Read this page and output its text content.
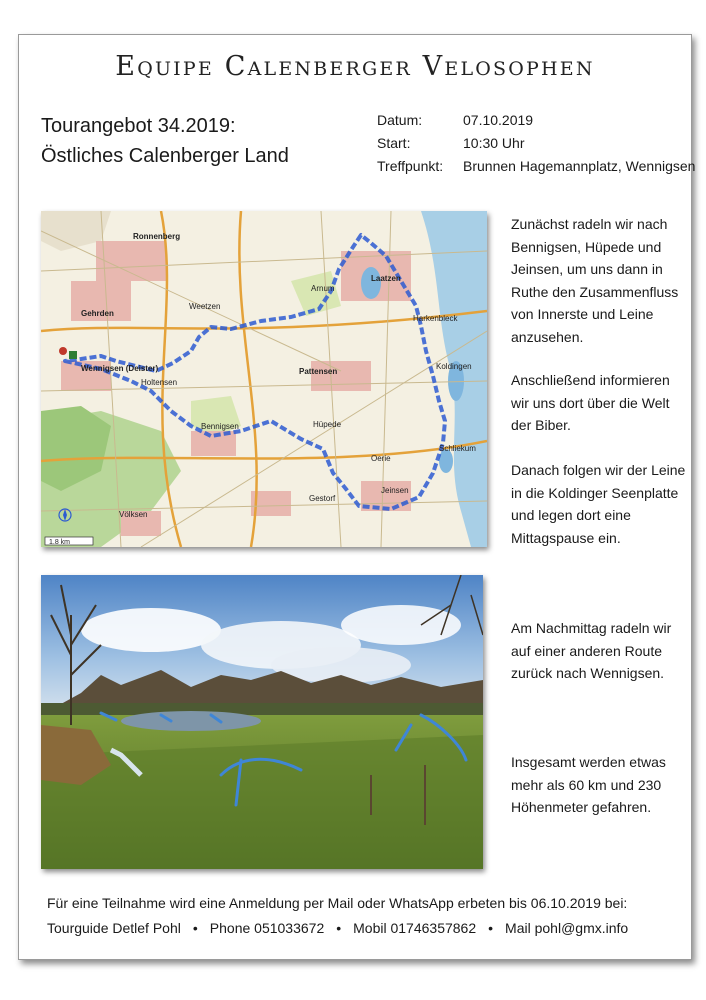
Equipe Calenberger Velosophen
Tourangebot 34.2019:
Östliches Calenberger Land
Datum:	07.10.2019
Start:	10:30 Uhr
Treffpunkt: Brunnen Hagemannplatz, Wennigsen
Ronnenberg
Gehrden
Laatzen
Pattensen
Wennigsen (Deister)
Hüpede
Jeinsen
Bennigsen
Holtensen
Gestorf
Völksen
Arnum
Weetzen
Harkenbleck
Koldingen
Schliekum
Oerie
1.8 km

Zunächst radeln wir nach

Bennigsen, Hüpede und

Jeinsen, um uns dann in

Ruthe den Zusammenfluss

von Innerste und Leine

anzusehen.

Anschließend informieren

wir uns dort über die Welt

der Biber.

Danach folgen wir der Leine

in die Koldinger Seenplatte

und legen dort eine

Mittagspause ein.

Am Nachmittag radeln wir

auf einer anderen Route

zurück nach Wennigsen.

Insgesamt werden etwas

mehr als 60 km und 230

Höhenmeter gefahren.

Für eine Teilnahme wird eine Anmeldung per Mail oder WhatsApp erbeten bis 06.10.2019 bei:
Tourguide Detlef Pohl • Phone 051033672 • Mobil 01746357862 • Mail pohl@gmx.info
